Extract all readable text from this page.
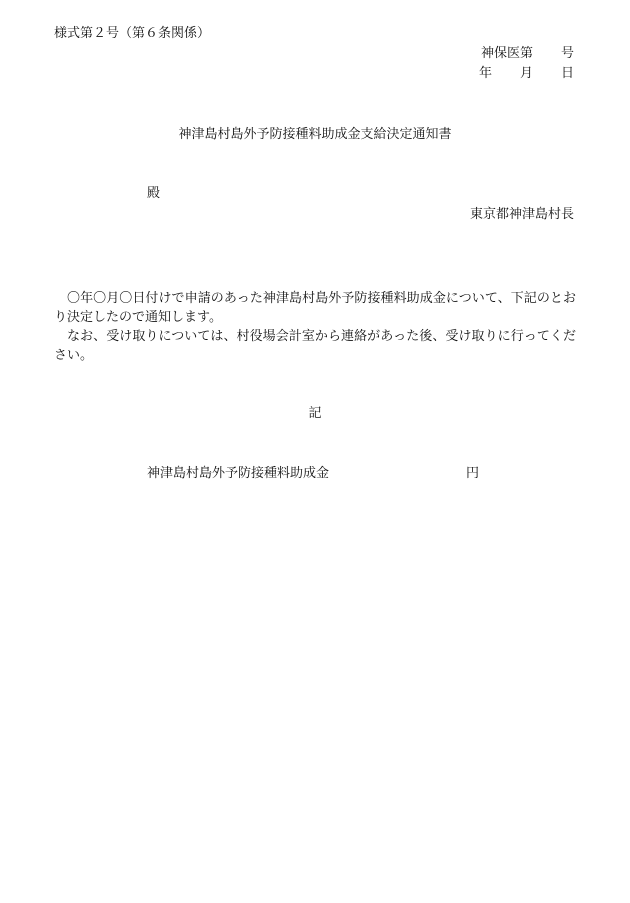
様式第２号（第６条関係）
神保医第 号
年 月 日
神津島村島外予防接種料助成金支給決定通知書
殿
東京都神津島村長

〇年〇月〇日付けで申請のあった神津島村島外予防接種料助成金について、下記のとおり決定したので通知します。

なお、受け取りについては、村役場会計室から連絡があった後、受け取りに行ってください。

記
神津島村島外予防接種料助成金	円
